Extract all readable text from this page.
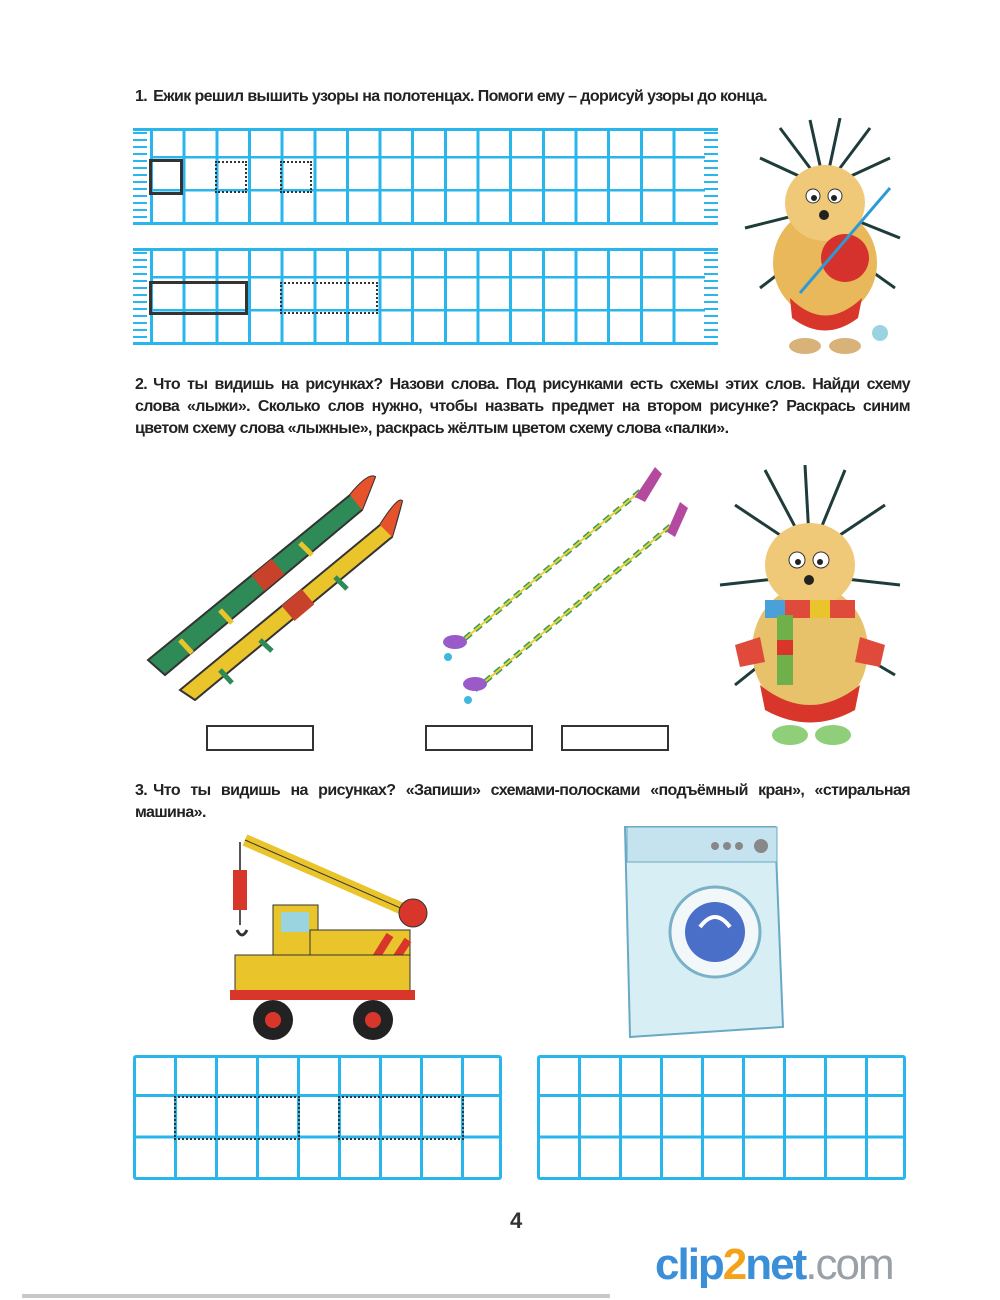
1. Ежик решил вышить узоры на полотенцах. Помоги ему – дорисуй узоры до конца.
2. Что ты видишь на рисунках? Назови слова. Под рисунками есть схемы этих слов. Найди схему слова «лыжи». Сколько слов нужно, чтобы назвать предмет на втором рисунке? Раскрась синим цветом схему слова «лыжные», раскрась жёлтым цветом схему слова «палки».
3. Что ты видишь на рисунках? «Запиши» схемами-полосками «подъёмный кран», «стиральная машина».
4
clip2net.com
